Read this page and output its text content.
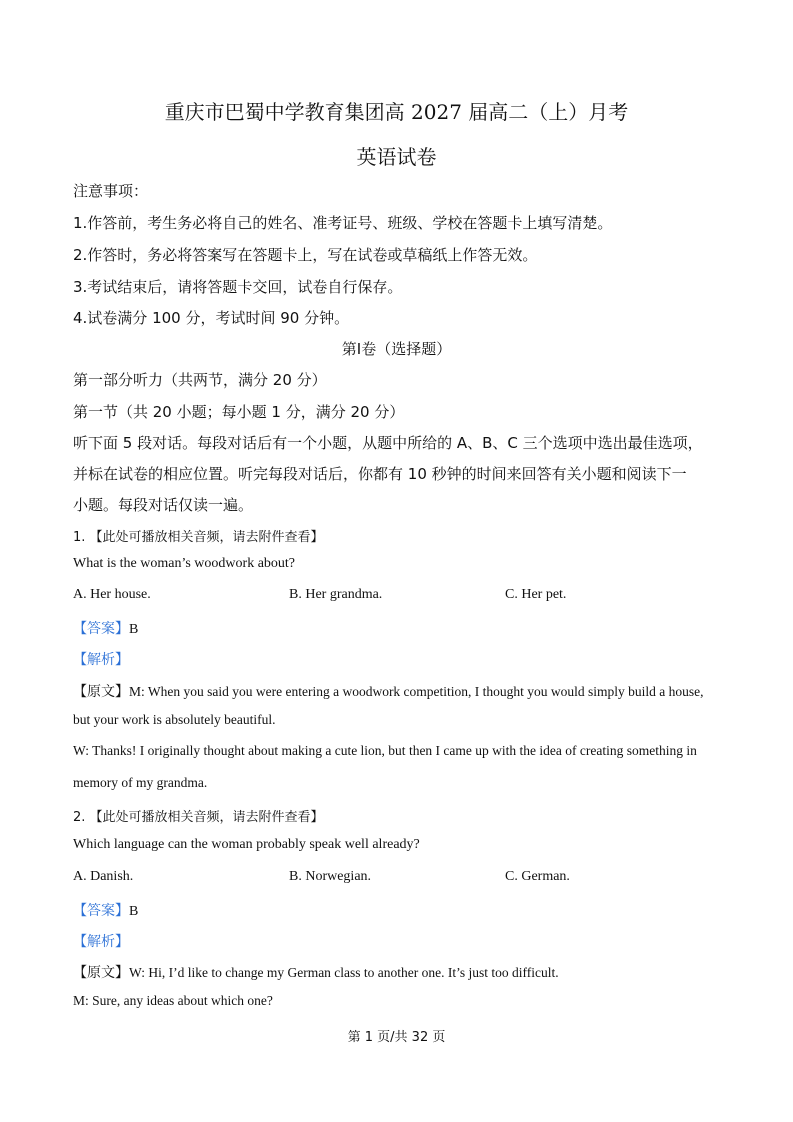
重庆市巴蜀中学教育集团高 2027 届高二（上）月考
英语试卷
注意事项：
1.作答前，考生务必将自己的姓名、准考证号、班级、学校在答题卡上填写清楚。
2.作答时，务必将答案写在答题卡上，写在试卷或草稿纸上作答无效。
3.考试结束后，请将答题卡交回，试卷自行保存。
4.试卷满分 100 分，考试时间 90 分钟。
第Ⅰ卷（选择题）
第一部分听力（共两节，满分 20 分）
第一节（共 20 小题；每小题 1 分，满分 20 分）
听下面 5 段对话。每段对话后有一个小题，从题中所给的 A、B、C 三个选项中选出最佳选项，
并标在试卷的相应位置。听完每段对话后，你都有 10 秒钟的时间来回答有关小题和阅读下一
小题。每段对话仅读一遍。
1. 【此处可播放相关音频，请去附件查看】
What is the woman’s woodwork about?
A. Her house.	B. Her grandma.	C. Her pet.
【答案】B
【解析】
【原文】M: When you said you were entering a woodwork competition, I thought you would simply build a house,
but your work is absolutely beautiful.
W: Thanks! I originally thought about making a cute lion, but then I came up with the idea of creating something in
memory of my grandma.
2. 【此处可播放相关音频，请去附件查看】
Which language can the woman probably speak well already?
A. Danish.	B. Norwegian.	C. German.
【答案】B
【解析】
【原文】W: Hi, I’d like to change my German class to another one. It’s just too difficult.
M: Sure, any ideas about which one?
第 1 页/共 32 页
